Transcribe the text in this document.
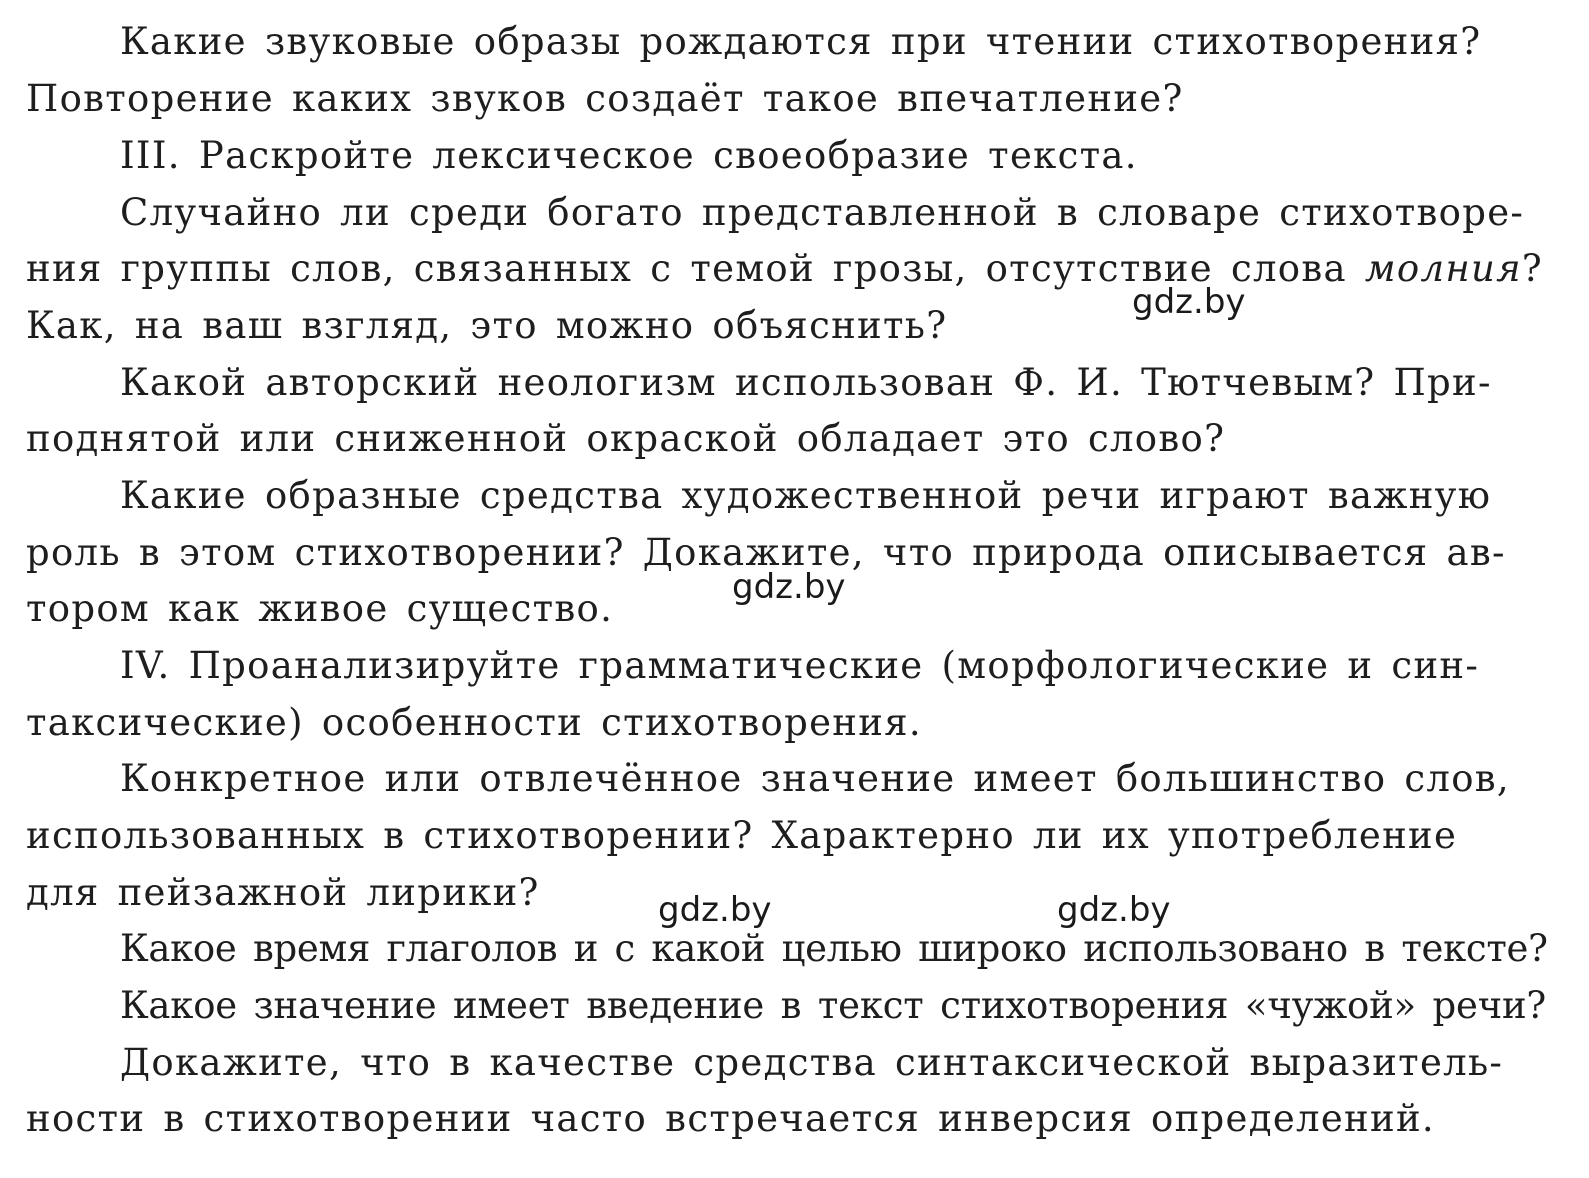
Какие звуковые образы рождаются при чтении стихотворения?
Повторение каких звуков создаёт такое впечатление?
III. Раскройте лексическое своеобразие текста.
Случайно ли среди богато представленной в словаре стихотворе-
ния группы слов, связанных с темой грозы, отсутствие слова молния?
Как, на ваш взгляд, это можно объяснить?
Какой авторский неологизм использован Ф. И. Тютчевым? При-
поднятой или сниженной окраской обладает это слово?
Какие образные средства художественной речи играют важную
роль в этом стихотворении? Докажите, что природа описывается ав-
тором как живое существо.
IV. Проанализируйте грамматические (морфологические и син-
таксические) особенности стихотворения.
Конкретное или отвлечённое значение имеет большинство слов,
использованных в стихотворении? Характерно ли их употребление
для пейзажной лирики?
Какое время глаголов и с какой целью широко использовано в тексте?
Какое значение имеет введение в текст стихотворения «чужой» речи?
Докажите, что в качестве средства синтаксической выразитель-
ности в стихотворении часто встречается инверсия определений.
gdz.by
gdz.by
gdz.by	gdz.by
